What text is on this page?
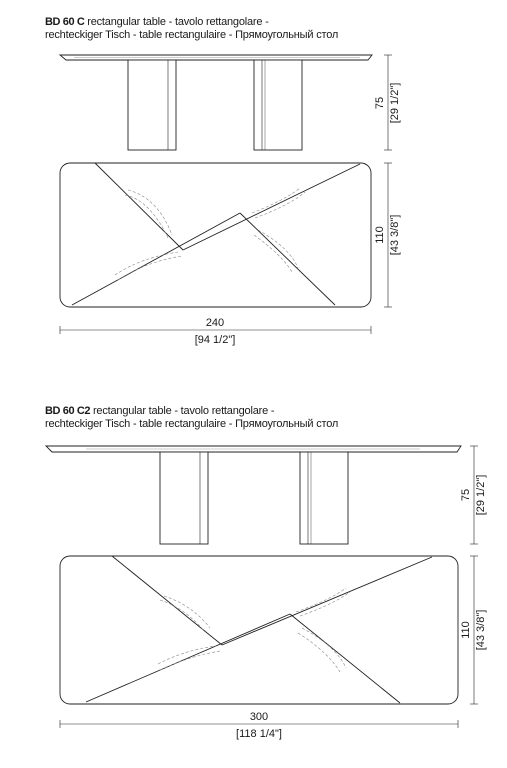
BD 60 C rectangular table - tavolo rettangolare -
rechteckiger Tisch - table rectangulaire - Прямоугольный стол
BD 60 C2 rectangular table - tavolo rettangolare -
rechteckiger Tisch - table rectangulaire - Прямоугольный стол
75 [29 1/2"]
110 [43 3/8"]
240
[94 1/2"]
75 [29 1/2"]
110 [43 3/8"]
300
[118 1/4"]
